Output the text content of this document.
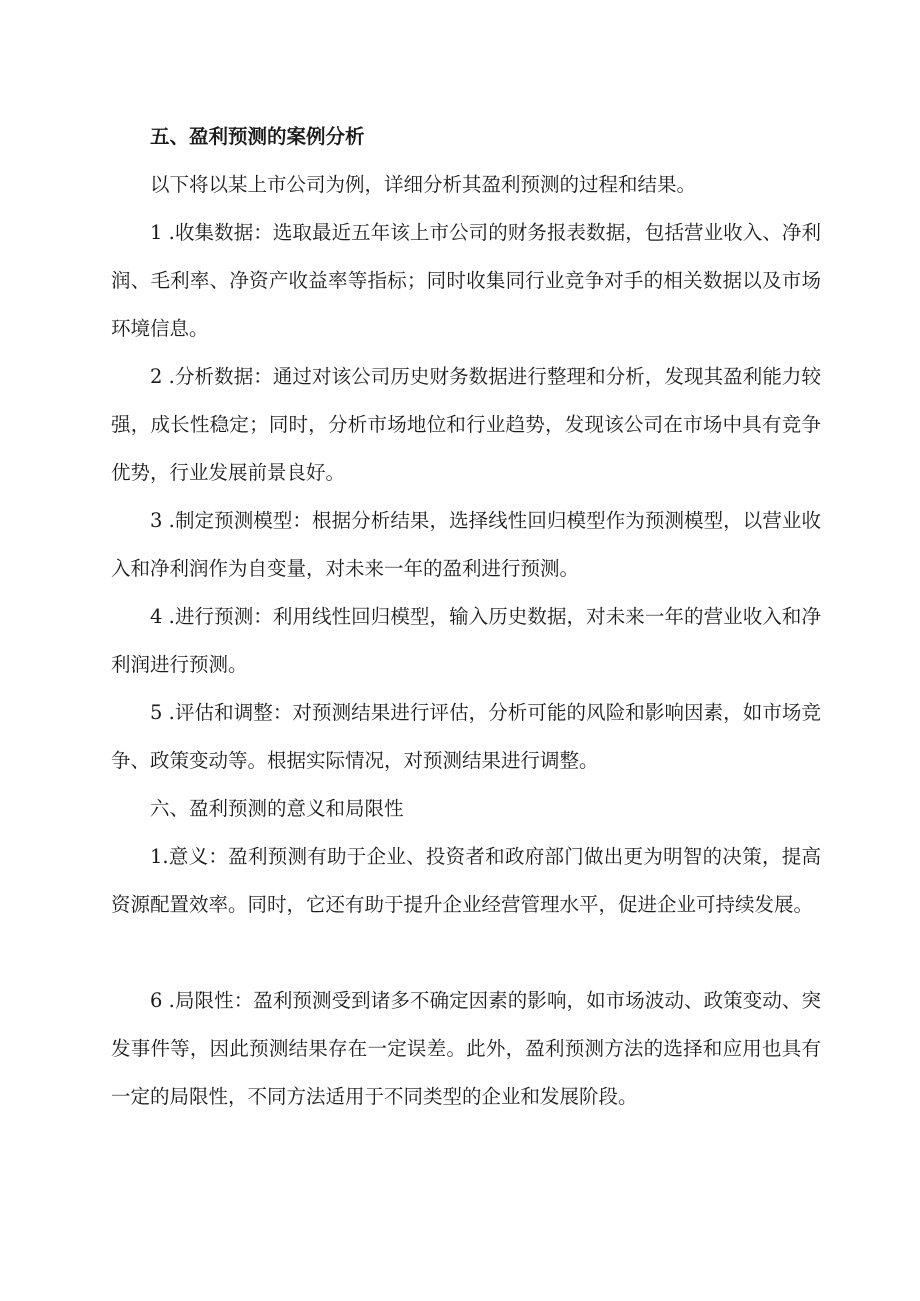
五、盈利预测的案例分析

以下将以某上市公司为例，详细分析其盈利预测的过程和结果。

1 .收集数据：选取最近五年该上市公司的财务报表数据，包括营业收入、净利润、毛利率、净资产收益率等指标；同时收集同行业竞争对手的相关数据以及市场环境信息。

2 .分析数据：通过对该公司历史财务数据进行整理和分析，发现其盈利能力较强，成长性稳定；同时，分析市场地位和行业趋势，发现该公司在市场中具有竞争优势，行业发展前景良好。

3 .制定预测模型：根据分析结果，选择线性回归模型作为预测模型，以营业收入和净利润作为自变量，对未来一年的盈利进行预测。

4 .进行预测：利用线性回归模型，输入历史数据，对未来一年的营业收入和净利润进行预测。

5 .评估和调整：对预测结果进行评估，分析可能的风险和影响因素，如市场竞争、政策变动等。根据实际情况，对预测结果进行调整。

六、盈利预测的意义和局限性

1.意义：盈利预测有助于企业、投资者和政府部门做出更为明智的决策，提高资源配置效率。同时，它还有助于提升企业经营管理水平，促进企业可持续发展。

6 .局限性：盈利预测受到诸多不确定因素的影响，如市场波动、政策变动、突发事件等，因此预测结果存在一定误差。此外，盈利预测方法的选择和应用也具有一定的局限性，不同方法适用于不同类型的企业和发展阶段。
